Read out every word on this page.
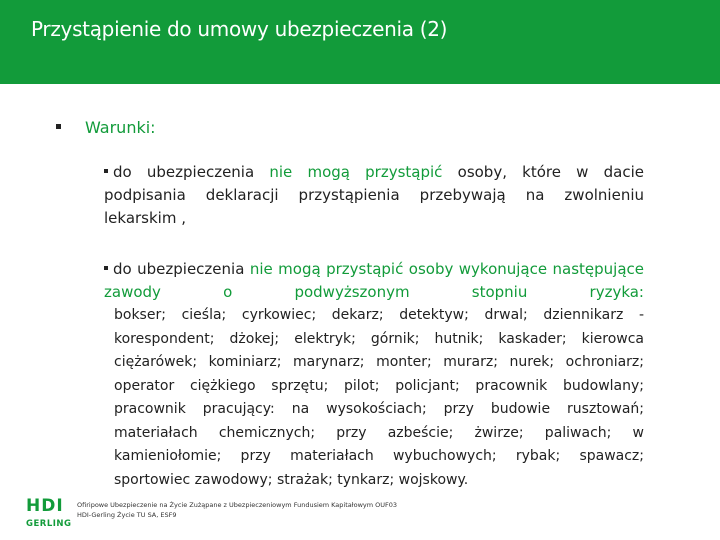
Przystąpienie do umowy ubezpieczenia (2)
Warunki:
do ubezpieczenia nie mogą przystąpić osoby, które w dacie podpisania deklaracji przystąpienia przebywają na zwolnieniu lekarskim ,
do ubezpieczenia nie mogą przystąpić osoby wykonujące następujące zawody o podwyższonym stopniu ryzyka:
bokser; cieśla; cyrkowiec; dekarz; detektyw; drwal; dziennikarz - korespondent; dżokej; elektryk; górnik; hutnik; kaskader; kierowca ciężarówek; kominiarz; marynarz; monter; murarz; nurek; ochroniarz; operator ciężkiego sprzętu; pilot; policjant; pracownik budowlany; pracownik pracujący: na wysokościach; przy budowie rusztowań; materiałach chemicznych; przy azbeście; żwirze; paliwach; w kamieniołomie; przy materiałach wybuchowych; rybak; spawacz; sportowiec zawodowy; strażak; tynkarz; wojskowy.
HDI
GERLING
Ofiripowe Ubezpieczenie na Życie Zużąpane z Ubezpieczeniowym Fundusiem Kapitałowym OUF03
HDI-Gerling Życie TU SA, ESF9
